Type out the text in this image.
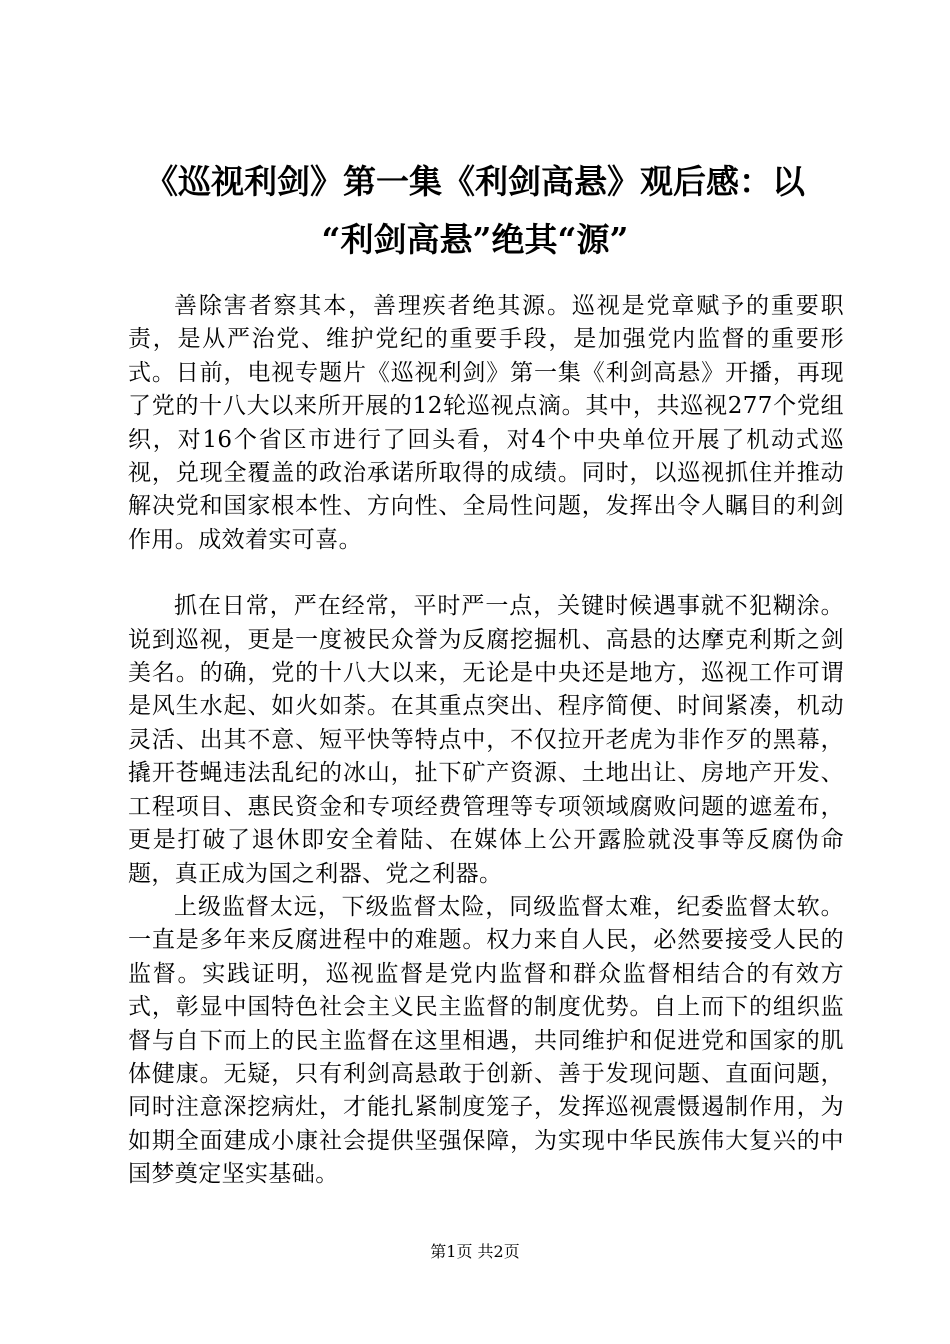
《巡视利剑》第一集《利剑高悬》观后感：以
“利剑高悬”绝其“源”

善除害者察其本，善理疾者绝其源。巡视是党章赋予的重要职责，是从严治党、维护党纪的重要手段，是加强党内监督的重要形式。日前，电视专题片《巡视利剑》第一集《利剑高悬》开播，再现了党的十八大以来所开展的12轮巡视点滴。其中，共巡视277个党组织，对16个省区市进行了回头看，对4个中央单位开展了机动式巡视，兑现全覆盖的政治承诺所取得的成绩。同时，以巡视抓住并推动解决党和国家根本性、方向性、全局性问题，发挥出令人瞩目的利剑作用。成效着实可喜。

抓在日常，严在经常，平时严一点，关键时候遇事就不犯糊涂。说到巡视，更是一度被民众誉为反腐挖掘机、高悬的达摩克利斯之剑美名。的确，党的十八大以来，无论是中央还是地方，巡视工作可谓是风生水起、如火如荼。在其重点突出、程序简便、时间紧凑，机动灵活、出其不意、短平快等特点中，不仅拉开老虎为非作歹的黑幕，撬开苍蝇违法乱纪的冰山，扯下矿产资源、土地出让、房地产开发、工程项目、惠民资金和专项经费管理等专项领域腐败问题的遮羞布，更是打破了退休即安全着陆、在媒体上公开露脸就没事等反腐伪命题，真正成为国之利器、党之利器。

上级监督太远，下级监督太险，同级监督太难，纪委监督太软。一直是多年来反腐进程中的难题。权力来自人民，必然要接受人民的监督。实践证明，巡视监督是党内监督和群众监督相结合的有效方式，彰显中国特色社会主义民主监督的制度优势。自上而下的组织监督与自下而上的民主监督在这里相遇，共同维护和促进党和国家的肌体健康。无疑，只有利剑高悬敢于创新、善于发现问题、直面问题，同时注意深挖病灶，才能扎紧制度笼子，发挥巡视震慑遏制作用，为如期全面建成小康社会提供坚强保障，为实现中华民族伟大复兴的中国梦奠定坚实基础。

第1页 共2页
